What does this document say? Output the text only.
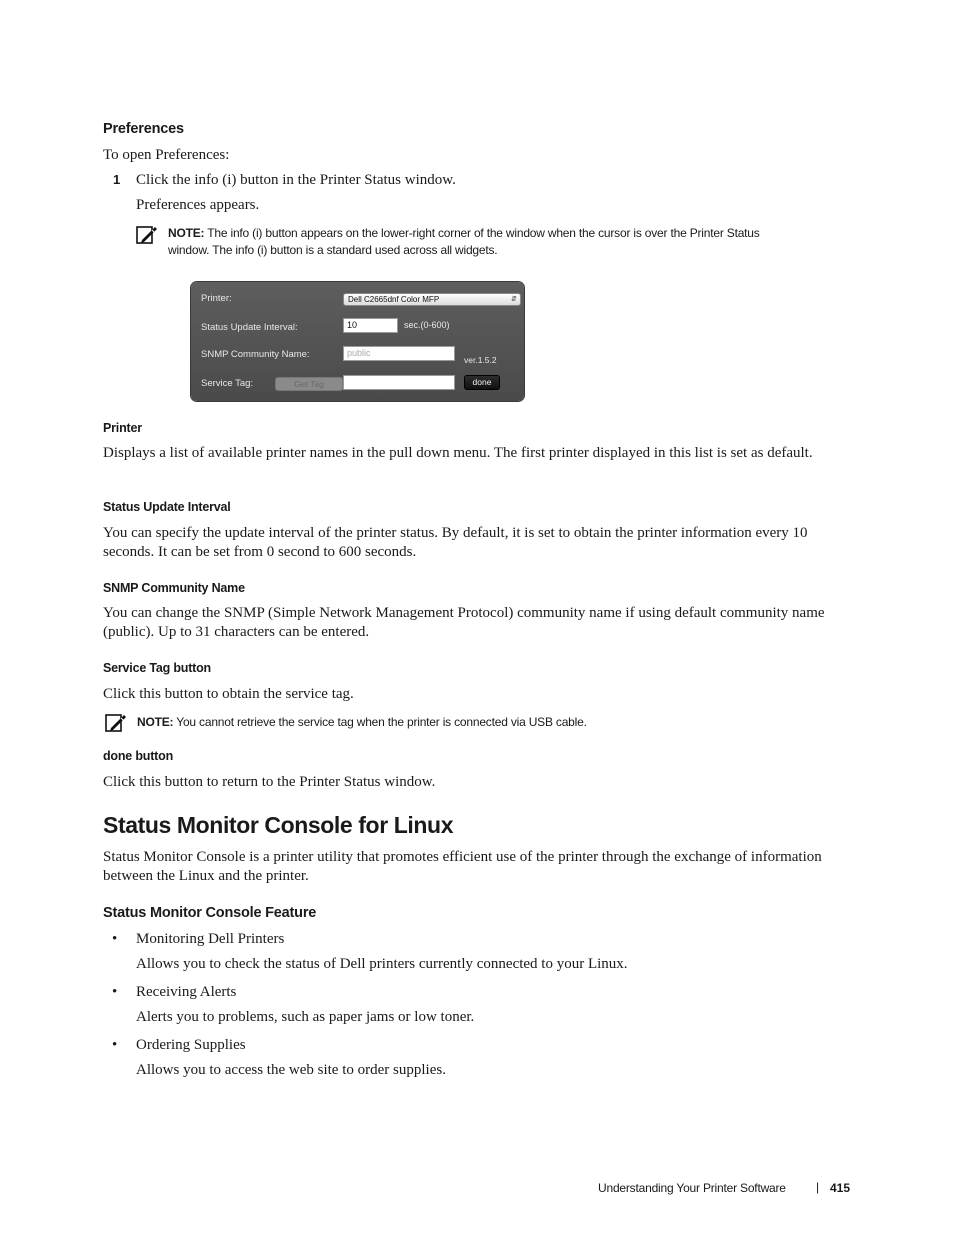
Preferences
To open Preferences:
1 Click the info (i) button in the Printer Status window.
Preferences appears.
NOTE: The info (i) button appears on the lower-right corner of the window when the cursor is over the Printer Status
window. The info (i) button is a standard used across all widgets.
Printer:	Dell C2665dnf Color MFP	⇵
Status Update Interval:	10	sec.(0-600)
SNMP Community Name:	public
ver.1.5.2
Service Tag:	Get Tag	done
Printer
Displays a list of available printer names in the pull down menu. The first printer displayed in this list is set as default.
Status Update Interval
You can specify the update interval of the printer status. By default, it is set to obtain the printer information every 10 seconds. It can be set from 0 second to 600 seconds.
SNMP Community Name
You can change the SNMP (Simple Network Management Protocol) community name if using default community name (public). Up to 31 characters can be entered.
Service Tag button
Click this button to obtain the service tag.
NOTE: You cannot retrieve the service tag when the printer is connected via USB cable.
done button
Click this button to return to the Printer Status window.
Status Monitor Console for Linux
Status Monitor Console is a printer utility that promotes efficient use of the printer through the exchange of information between the Linux and the printer.
Status Monitor Console Feature
• Monitoring Dell Printers
Allows you to check the status of Dell printers currently connected to your Linux.
• Receiving Alerts
Alerts you to problems, such as paper jams or low toner.
• Ordering Supplies
Allows you to access the web site to order supplies.
Understanding Your Printer Software	| 415
